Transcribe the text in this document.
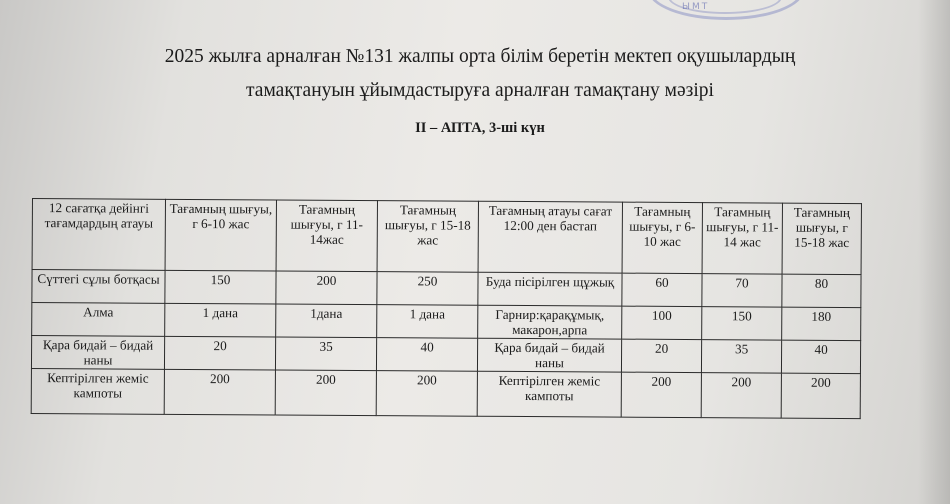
ЫМТ
2025 жылға арналған №131 жалпы орта білім беретін мектеп оқушылардың
тамақтануын ұйымдастыруға арналған тамақтану мәзірі
II – АПТА, 3-ші күн
12 сағатқа дейінгі тағамдардың атауы	Тағамның шығуы, г 6-10 жас	Тағамның шығуы, г 11-14жас	Тағамның шығуы, г 15-18 жас	Тағамның атауы сағат 12:00 ден бастап	Тағамның шығуы, г 6-10 жас	Тағамның шығуы, г 11-14 жас	Тағамның шығуы, г 15-18 жас
Сүттегі сұлы ботқасы	150	200	250	Буда пісірілген щұжық	60	70	80
Алма	1 дана	1дана	1 дана	Гарнир:қарақұмық, макарон,арпа	100	150	180
Қара бидай – бидай наны	20	35	40	Қара бидай – бидай наны	20	35	40
Кептірілген жеміс кампоты	200	200	200	Кептірілген жеміс кампоты	200	200	200
